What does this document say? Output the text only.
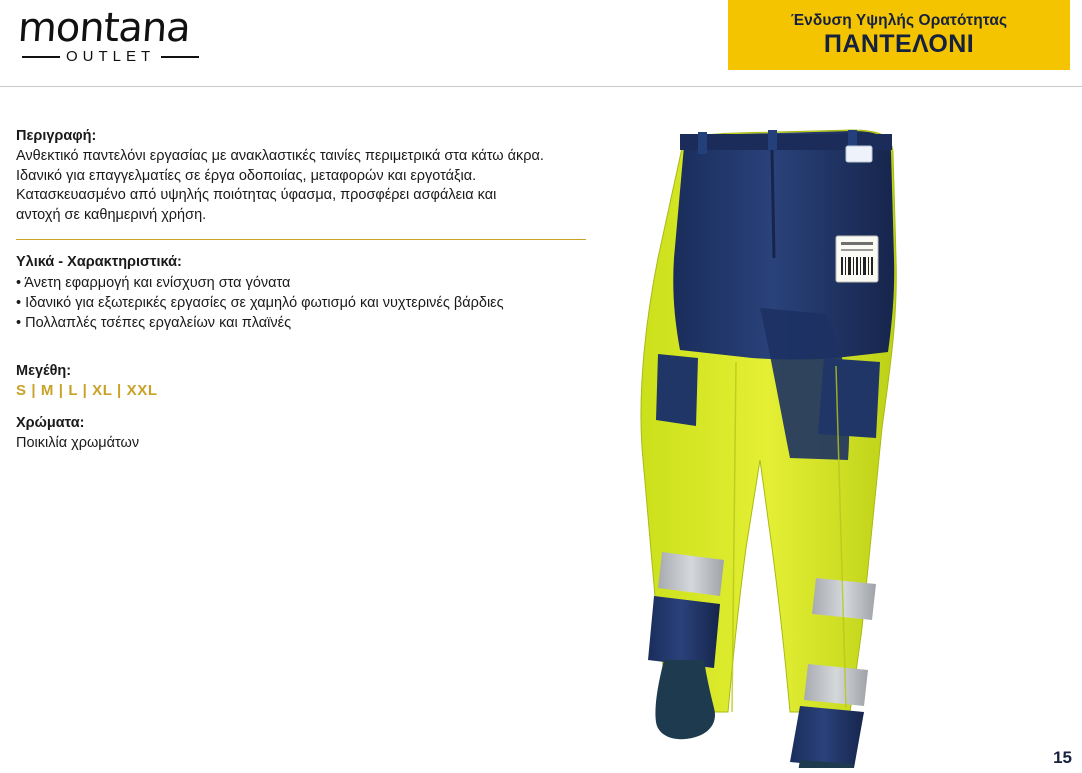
montana
OUTLET
Ένδυση Υψηλής Ορατότητας
ΠΑΝΤΕΛΟΝΙ
Περιγραφή:
Ανθεκτικό παντελόνι εργασίας με ανακλαστικές ταινίες περιμετρικά στα κάτω άκρα.
Ιδανικό για επαγγελματίες σε έργα οδοποιίας, μεταφορών και εργοτάξια.
Κατασκευασμένο από υψηλής ποιότητας ύφασμα, προσφέρει ασφάλεια και
αντοχή σε καθημερινή χρήση.
Υλικά - Χαρακτηριστικά:
• Άνετη εφαρμογή και ενίσχυση στα γόνατα
• Ιδανικό για εξωτερικές εργασίες σε χαμηλό φωτισμό και νυχτερινές βάρδιες
• Πολλαπλές τσέπες εργαλείων και πλαϊνές
Μεγέθη:
S | M | L | XL | XXL
Χρώματα:
Ποικιλία χρωμάτων
15
